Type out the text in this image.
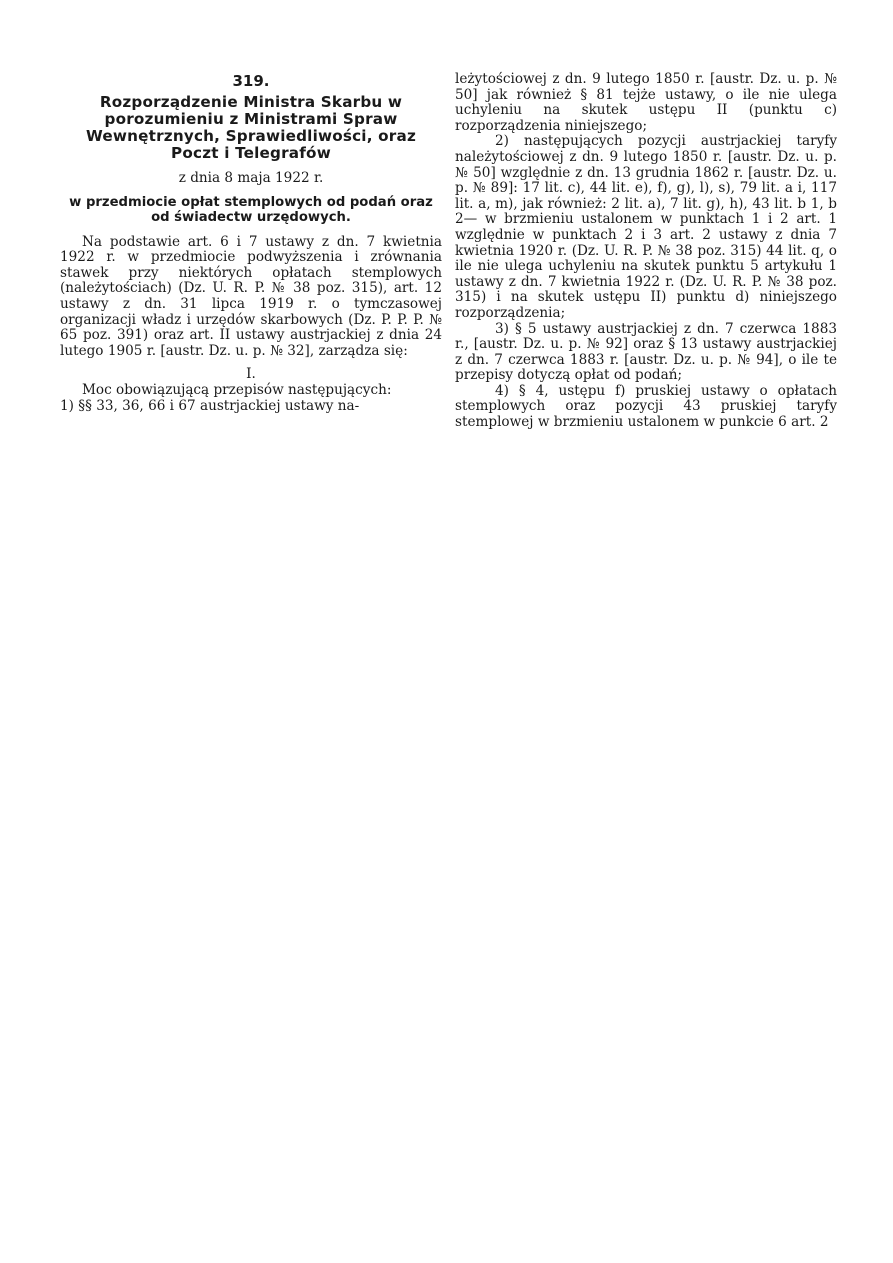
319.
Rozporządzenie Ministra Skarbu w porozumieniu z Ministrami Spraw Wewnętrznych, Sprawiedliwości, oraz Poczt i Telegrafów
z dnia 8 maja 1922 r.
w przedmiocie opłat stemplowych od podań oraz od świadectw urzędowych.
Na podstawie art. 6 i 7 ustawy z dn. 7 kwietnia 1922 r. w przedmiocie podwyższenia i zrównania stawek przy niektórych opłatach stemplowych (należytościach) (Dz. U. R. P. № 38 poz. 315), art. 12 ustawy z dn. 31 lipca 1919 r. o tymczasowej organizacji władz i urzędów skarbowych (Dz. P. P. P. № 65 poz. 391) oraz art. II ustawy austrjackiej z dnia 24 lutego 1905 r. [austr. Dz. u. p. № 32], zarządza się:
I.
Moc obowiązującą przepisów następujących:
1) §§ 33, 36, 66 i 67 austrjackiej ustawy na-
leżytościowej z dn. 9 lutego 1850 r. [austr. Dz. u. p. № 50] jak również § 81 tejże ustawy, o ile nie ulega uchyleniu na skutek ustępu II (punktu c) rozporządzenia niniejszego;
2) następujących pozycji austrjackiej taryfy należytościowej z dn. 9 lutego 1850 r. [austr. Dz. u. p. № 50] względnie z dn. 13 grudnia 1862 r. [austr. Dz. u. p. № 89]: 17 lit. c), 44 lit. e), f), g), l), s), 79 lit. a i, 117 lit. a, m), jak również: 2 lit. a), 7 lit. g), h), 43 lit. b 1, b 2— w brzmieniu ustalonem w punktach 1 i 2 art. 1 względnie w punktach 2 i 3 art. 2 ustawy z dnia 7 kwietnia 1920 r. (Dz. U. R. P. № 38 poz. 315) 44 lit. q, o ile nie ulega uchyleniu na skutek punktu 5 artykułu 1 ustawy z dn. 7 kwietnia 1922 r. (Dz. U. R. P. № 38 poz. 315) i na skutek ustępu II) punktu d) niniejszego rozporządzenia;
3) § 5 ustawy austrjackiej z dn. 7 czerwca 1883 r., [austr. Dz. u. p. № 92] oraz § 13 ustawy austrjackiej z dn. 7 czerwca 1883 r. [austr. Dz. u. p. № 94], o ile te przepisy dotyczą opłat od podań;
4) § 4, ustępu f) pruskiej ustawy o opłatach stemplowych oraz pozycji 43 pruskiej taryfy stemplowej w brzmieniu ustalonem w punkcie 6 art. 2
